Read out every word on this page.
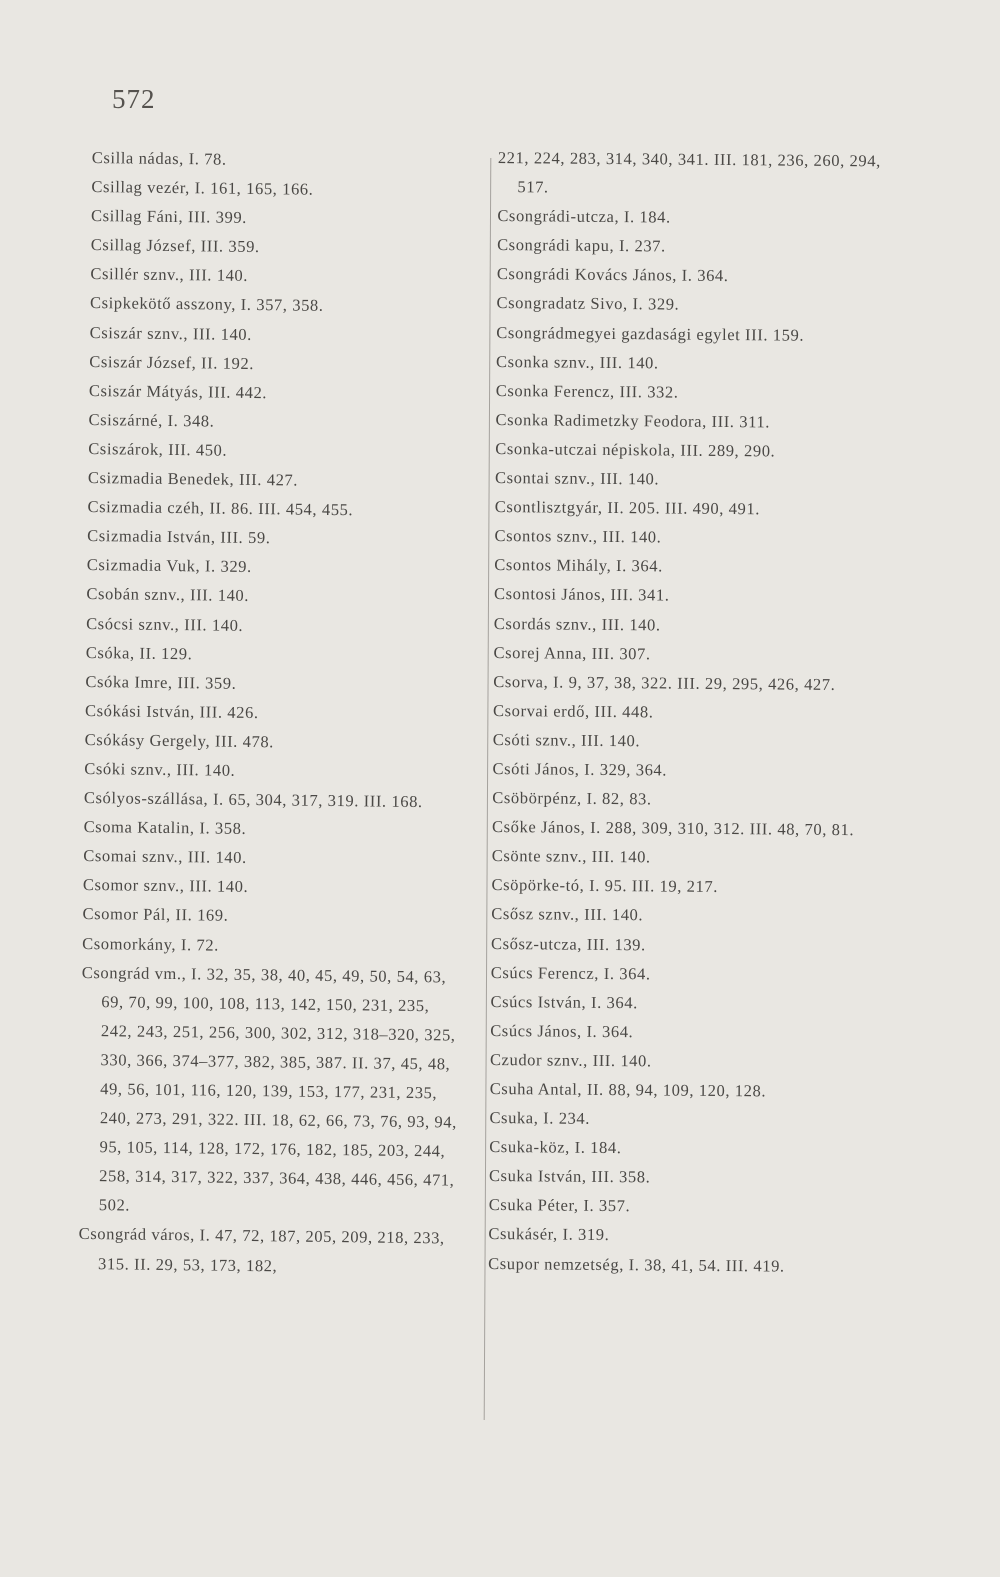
572
Csilla nádas, I. 78.
Csillag vezér, I. 161, 165, 166.
Csillag Fáni, III. 399.
Csillag József, III. 359.
Csillér sznv., III. 140.
Csipkekötő asszony, I. 357, 358.
Csiszár sznv., III. 140.
Csiszár József, II. 192.
Csiszár Mátyás, III. 442.
Csiszárné, I. 348.
Csiszárok, III. 450.
Csizmadia Benedek, III. 427.
Csizmadia czéh, II. 86. III. 454, 455.
Csizmadia István, III. 59.
Csizmadia Vuk, I. 329.
Csobán sznv., III. 140.
Csócsi sznv., III. 140.
Csóka, II. 129.
Csóka Imre, III. 359.
Csókási István, III. 426.
Csókásy Gergely, III. 478.
Csóki sznv., III. 140.
Csólyos-szállása, I. 65, 304, 317, 319. III. 168.
Csoma Katalin, I. 358.
Csomai sznv., III. 140.
Csomor sznv., III. 140.
Csomor Pál, II. 169.
Csomorkány, I. 72.
Csongrád vm., I. 32, 35, 38, 40, 45, 49, 50, 54, 63, 69, 70, 99, 100, 108, 113, 142, 150, 231, 235, 242, 243, 251, 256, 300, 302, 312, 318–320, 325, 330, 366, 374–377, 382, 385, 387. II. 37, 45, 48, 49, 56, 101, 116, 120, 139, 153, 177, 231, 235, 240, 273, 291, 322. III. 18, 62, 66, 73, 76, 93, 94, 95, 105, 114, 128, 172, 176, 182, 185, 203, 244, 258, 314, 317, 322, 337, 364, 438, 446, 456, 471, 502.
Csongrád város, I. 47, 72, 187, 205, 209, 218, 233, 315. II. 29, 53, 173, 182,
221, 224, 283, 314, 340, 341. III. 181, 236, 260, 294, 517.
Csongrádi-utcza, I. 184.
Csongrádi kapu, I. 237.
Csongrádi Kovács János, I. 364.
Csongradatz Sivo, I. 329.
Csongrádmegyei gazdasági egylet III. 159.
Csonka sznv., III. 140.
Csonka Ferencz, III. 332.
Csonka Radimetzky Feodora, III. 311.
Csonka-utczai népiskola, III. 289, 290.
Csontai sznv., III. 140.
Csontlisztgyár, II. 205. III. 490, 491.
Csontos sznv., III. 140.
Csontos Mihály, I. 364.
Csontosi János, III. 341.
Csordás sznv., III. 140.
Csorej Anna, III. 307.
Csorva, I. 9, 37, 38, 322. III. 29, 295, 426, 427.
Csorvai erdő, III. 448.
Csóti sznv., III. 140.
Csóti János, I. 329, 364.
Csöbörpénz, I. 82, 83.
Csőke János, I. 288, 309, 310, 312. III. 48, 70, 81.
Csönte sznv., III. 140.
Csöpörke-tó, I. 95. III. 19, 217.
Csősz sznv., III. 140.
Csősz-utcza, III. 139.
Csúcs Ferencz, I. 364.
Csúcs István, I. 364.
Csúcs János, I. 364.
Czudor sznv., III. 140.
Csuha Antal, II. 88, 94, 109, 120, 128.
Csuka, I. 234.
Csuka-köz, I. 184.
Csuka István, III. 358.
Csuka Péter, I. 357.
Csukásér, I. 319.
Csupor nemzetség, I. 38, 41, 54. III. 419.
